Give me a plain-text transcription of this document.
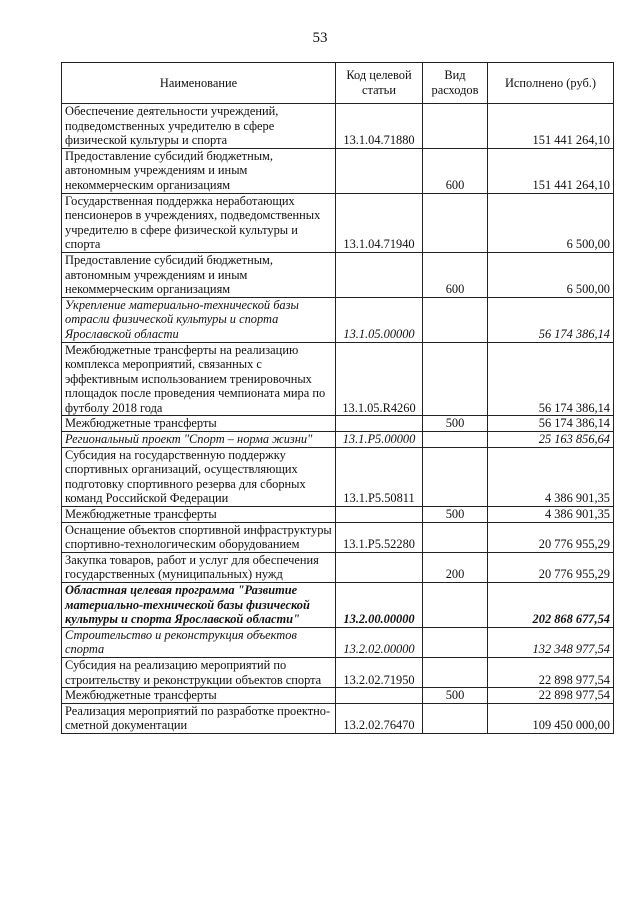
53
Наименование	Код целевой статьи	Вид расходов	Исполнено (руб.)
Обеспечение деятельности учреждений, подведомственных учредителю в сфере физической культуры и спорта	13.1.04.71880		151 441 264,10
Предоставление субсидий бюджетным, автономным учреждениям и иным некоммерческим организациям		600	151 441 264,10
Государственная поддержка неработающих пенсионеров в учреждениях, подведомственных учредителю в сфере физической культуры и спорта	13.1.04.71940		6 500,00
Предоставление субсидий бюджетным, автономным учреждениям и иным некоммерческим организациям		600	6 500,00
Укрепление материально-технической базы отрасли физической культуры и спорта Ярославской области	13.1.05.00000		56 174 386,14
Межбюджетные трансферты на реализацию комплекса мероприятий, связанных с эффективным использованием тренировочных площадок после проведения чемпионата мира по футболу 2018 года	13.1.05.R4260		56 174 386,14
Межбюджетные трансферты		500	56 174 386,14
Региональный проект "Спорт – норма жизни"	13.1.P5.00000		25 163 856,64
Субсидия на государственную поддержку спортивных организаций, осуществляющих подготовку спортивного резерва для сборных команд Российской Федерации	13.1.P5.50811		4 386 901,35
Межбюджетные трансферты		500	4 386 901,35
Оснащение объектов спортивной инфраструктуры спортивно-технологическим оборудованием	13.1.P5.52280		20 776 955,29
Закупка товаров, работ и услуг для обеспечения государственных (муниципальных) нужд		200	20 776 955,29
Областная целевая программа "Развитие материально-технической базы физической культуры и спорта Ярославской области"	13.2.00.00000		202 868 677,54
Строительство и реконструкция объектов спорта	13.2.02.00000		132 348 977,54
Субсидия на реализацию мероприятий по строительству и реконструкции объектов спорта	13.2.02.71950		22 898 977,54
Межбюджетные трансферты		500	22 898 977,54
Реализация мероприятий по разработке проектно-сметной документации	13.2.02.76470		109 450 000,00
